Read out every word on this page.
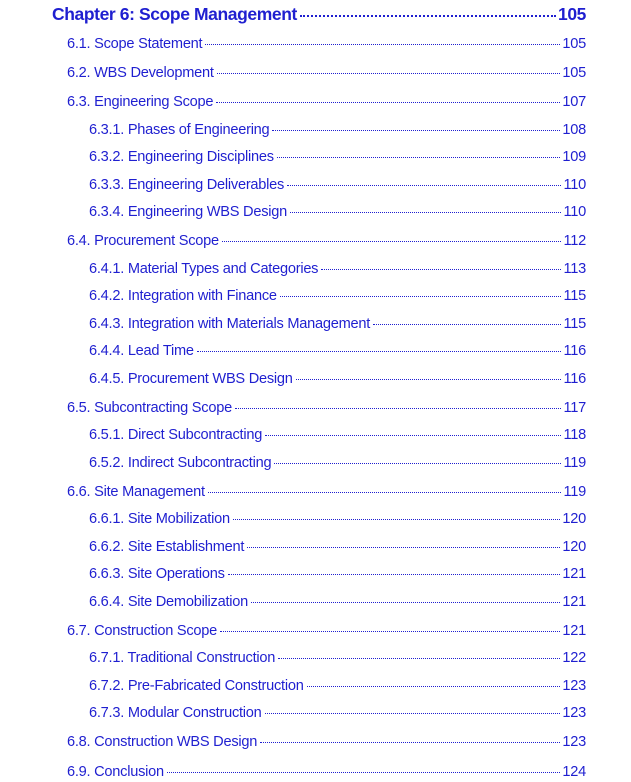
Chapter 6: Scope Management	105
6.1. Scope Statement	105
6.2. WBS Development	105
6.3. Engineering Scope	107
6.3.1. Phases of Engineering	108
6.3.2. Engineering Disciplines	109
6.3.3. Engineering Deliverables	110
6.3.4. Engineering WBS Design	110
6.4. Procurement Scope	112
6.4.1. Material Types and Categories	113
6.4.2. Integration with Finance	115
6.4.3. Integration with Materials Management	115
6.4.4. Lead Time	116
6.4.5. Procurement WBS Design	116
6.5. Subcontracting Scope	117
6.5.1. Direct Subcontracting	118
6.5.2. Indirect Subcontracting	119
6.6. Site Management	119
6.6.1. Site Mobilization	120
6.6.2. Site Establishment	120
6.6.3. Site Operations	121
6.6.4. Site Demobilization	121
6.7. Construction Scope	121
6.7.1. Traditional Construction	122
6.7.2. Pre-Fabricated Construction	123
6.7.3. Modular Construction	123
6.8. Construction WBS Design	123
6.9. Conclusion	124
